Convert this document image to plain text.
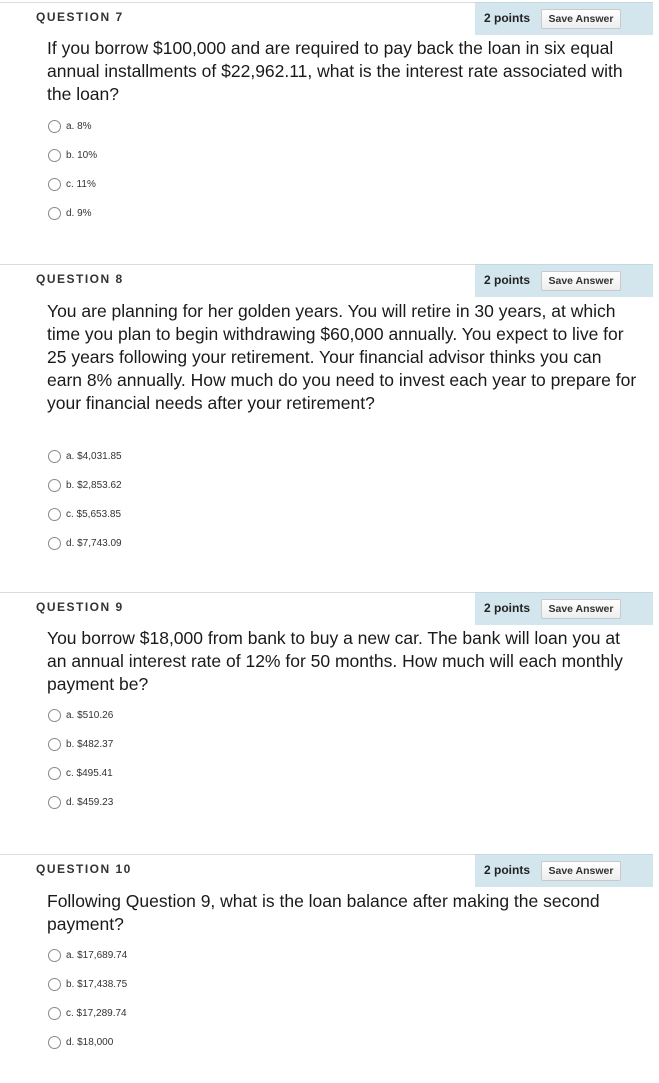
QUESTION 7	2 points	Save Answer
If you borrow $100,000 and are required to pay back the loan in six equal annual installments of $22,962.11, what is the interest rate associated with the loan?
a. 8%
b. 10%
c. 11%
d. 9%
QUESTION 8	2 points	Save Answer
You are planning for her golden years. You will retire in 30 years, at which time you plan to begin withdrawing $60,000 annually. You expect to live for 25 years following your retirement. Your financial advisor thinks you can earn 8% annually. How much do you need to invest each year to prepare for your financial needs after your retirement?
a. $4,031.85
b. $2,853.62
c. $5,653.85
d. $7,743.09
QUESTION 9	2 points	Save Answer
You borrow $18,000 from bank to buy a new car. The bank will loan you at an annual interest rate of 12% for 50 months. How much will each monthly payment be?
a. $510.26
b. $482.37
c. $495.41
d. $459.23
QUESTION 10	2 points	Save Answer
Following Question 9, what is the loan balance after making the second payment?
a. $17,689.74
b. $17,438.75
c. $17,289.74
d. $18,000
